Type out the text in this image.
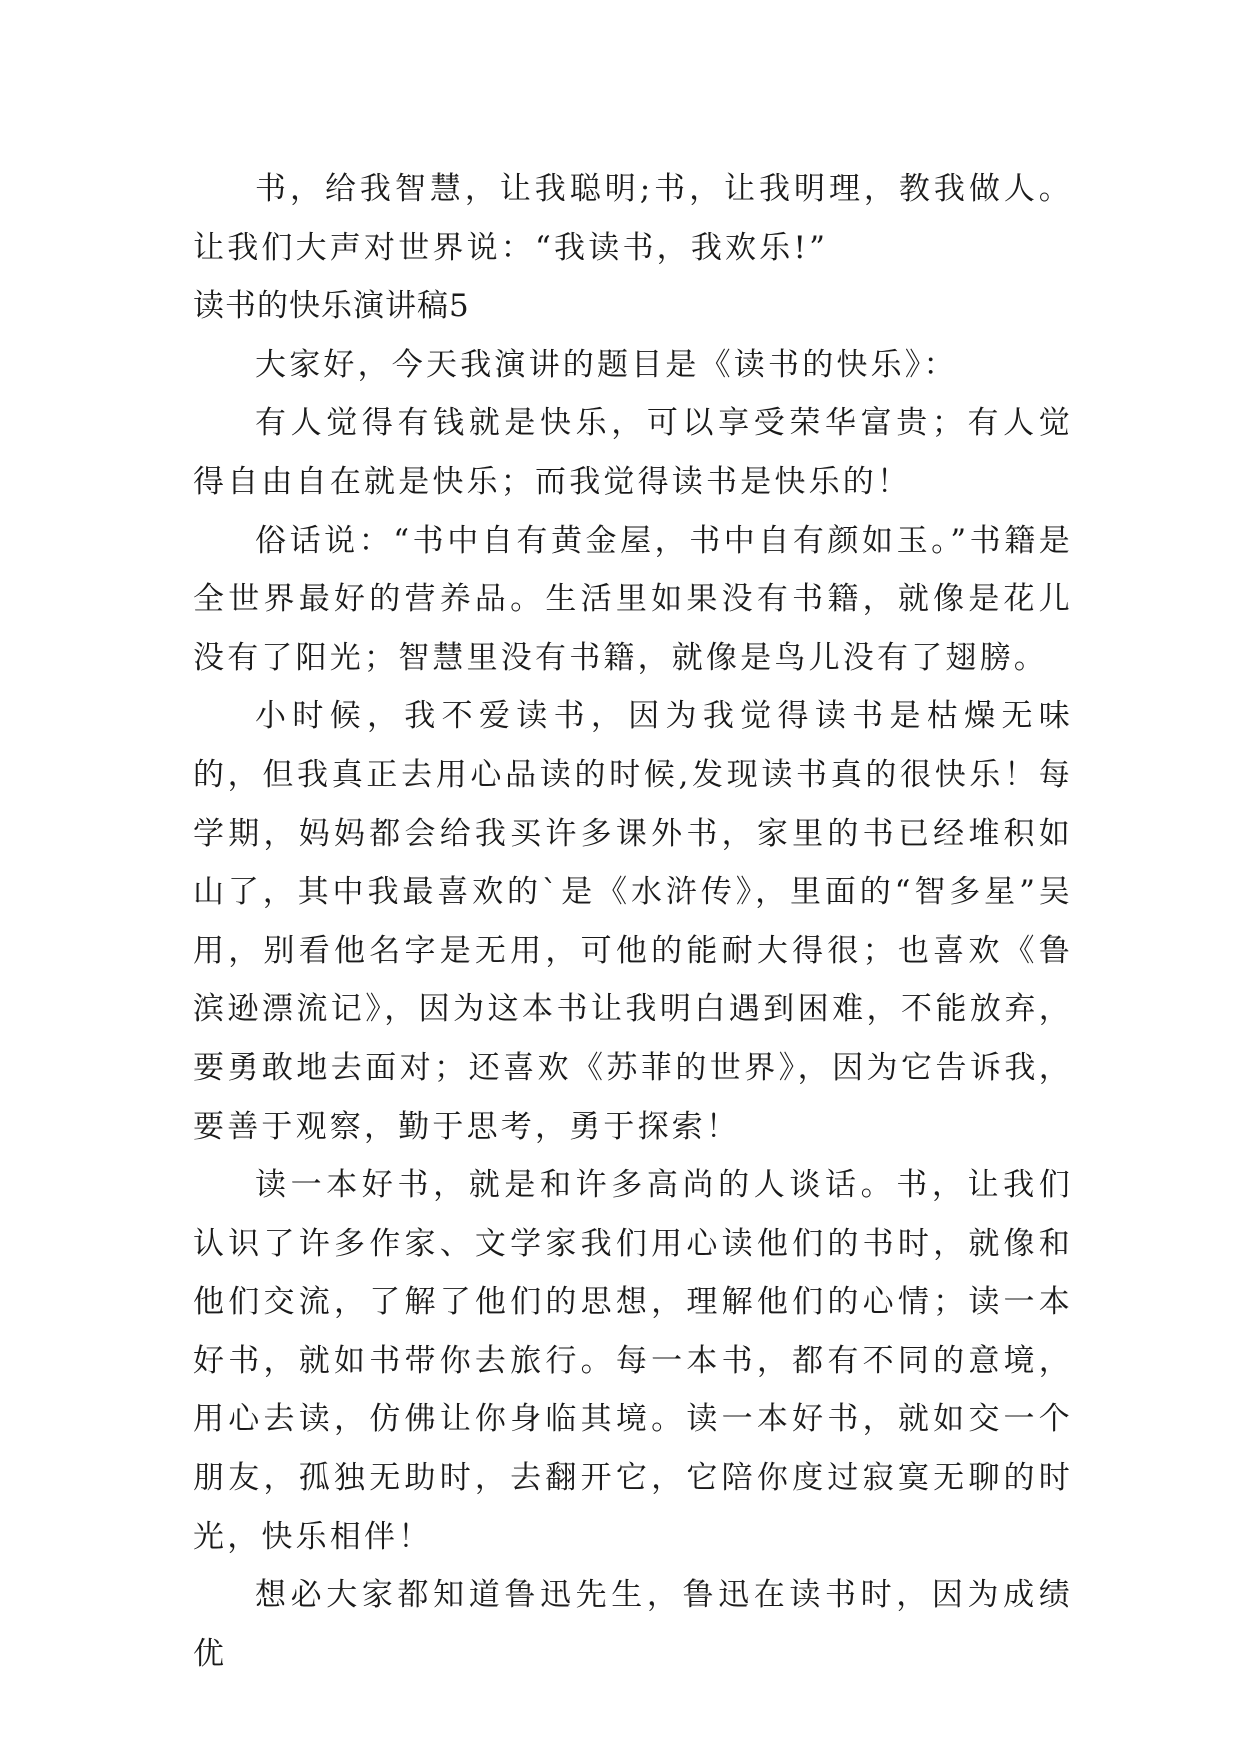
书，给我智慧，让我聪明;书，让我明理，教我做人。让我们大声对世界说：“我读书，我欢乐!”

读书的快乐演讲稿5

大家好，今天我演讲的题目是《读书的快乐》：

有人觉得有钱就是快乐，可以享受荣华富贵；有人觉得自由自在就是快乐；而我觉得读书是快乐的！

俗话说：“书中自有黄金屋，书中自有颜如玉。”书籍是全世界最好的营养品。生活里如果没有书籍，就像是花儿没有了阳光；智慧里没有书籍，就像是鸟儿没有了翅膀。

小时候，我不爱读书，因为我觉得读书是枯燥无味的，但我真正去用心品读的时候,发现读书真的很快乐！每学期，妈妈都会给我买许多课外书，家里的书已经堆积如山了，其中我最喜欢的`是《水浒传》，里面的“智多星”吴用，别看他名字是无用，可他的能耐大得很；也喜欢《鲁滨逊漂流记》，因为这本书让我明白遇到困难，不能放弃，要勇敢地去面对；还喜欢《苏菲的世界》，因为它告诉我，要善于观察，勤于思考，勇于探索！

读一本好书，就是和许多高尚的人谈话。书，让我们认识了许多作家、文学家我们用心读他们的书时，就像和他们交流，了解了他们的思想，理解他们的心情；读一本好书，就如书带你去旅行。每一本书，都有不同的意境，用心去读，仿佛让你身临其境。读一本好书，就如交一个朋友，孤独无助时，去翻开它，它陪你度过寂寞无聊的时光，快乐相伴！

想必大家都知道鲁迅先生，鲁迅在读书时，因为成绩优
